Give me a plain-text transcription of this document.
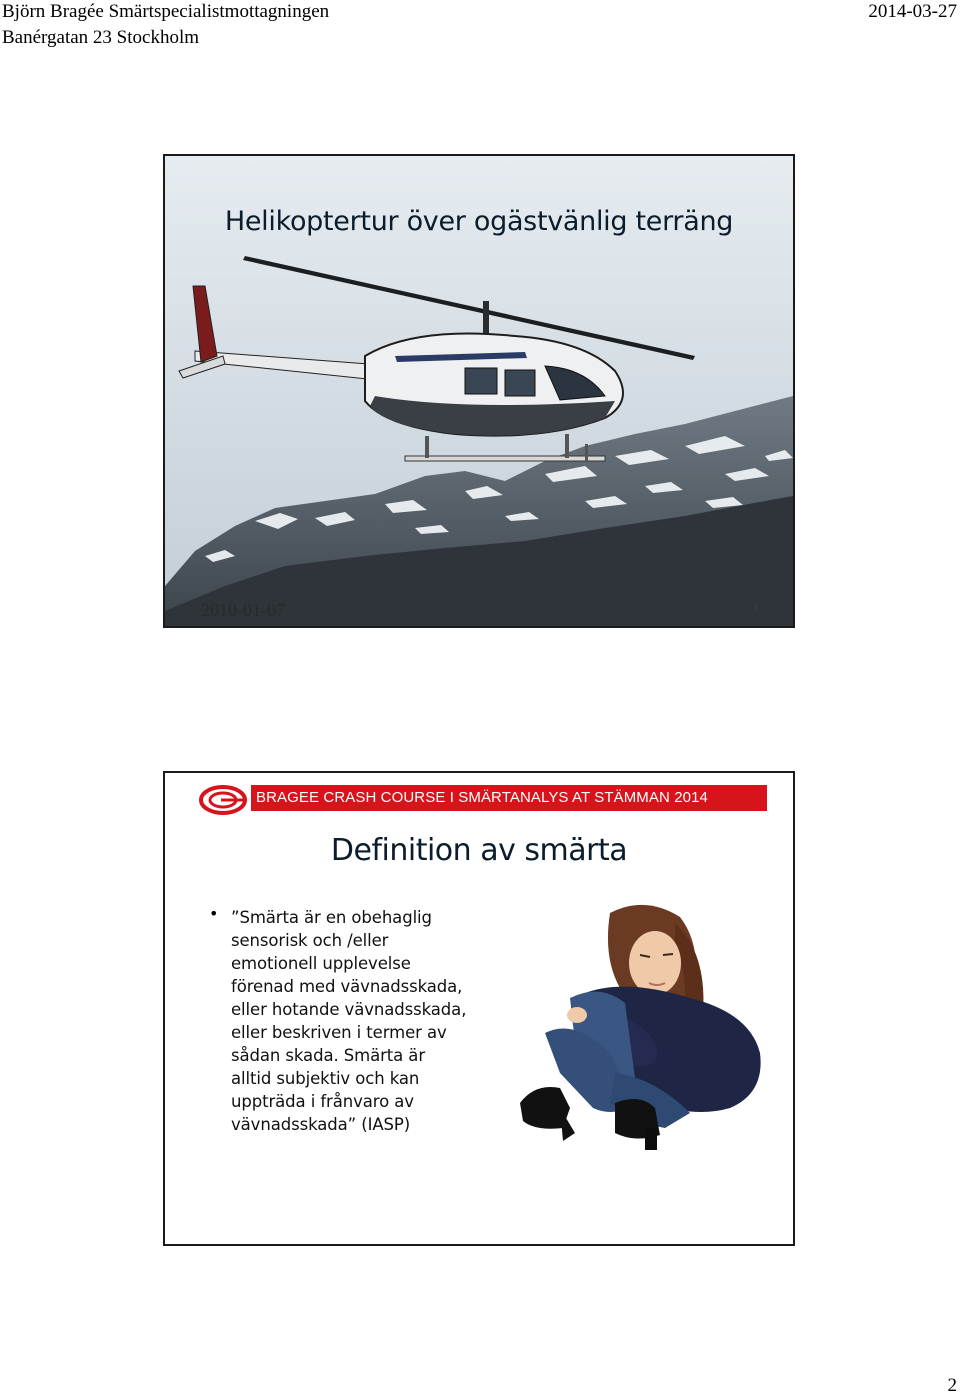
Björn Bragée Smärtspecialistmottagningen
Banérgatan 23 Stockholm
2014-03-27
Helikoptertur över ogästvänlig terräng
2010-01-07	3
BRAGEE CRASH COURSE I SMÄRTANALYS AT STÄMMAN 2014
Definition av smärta
• ”Smärta är en obehaglig
sensorisk och /eller
emotionell upplevelse
förenad med vävnadsskada,
eller hotande vävnadsskada,
eller beskriven i termer av
sådan skada. Smärta är
alltid subjektiv och kan
uppträda i frånvaro av
vävnadsskada” (IASP)
2
